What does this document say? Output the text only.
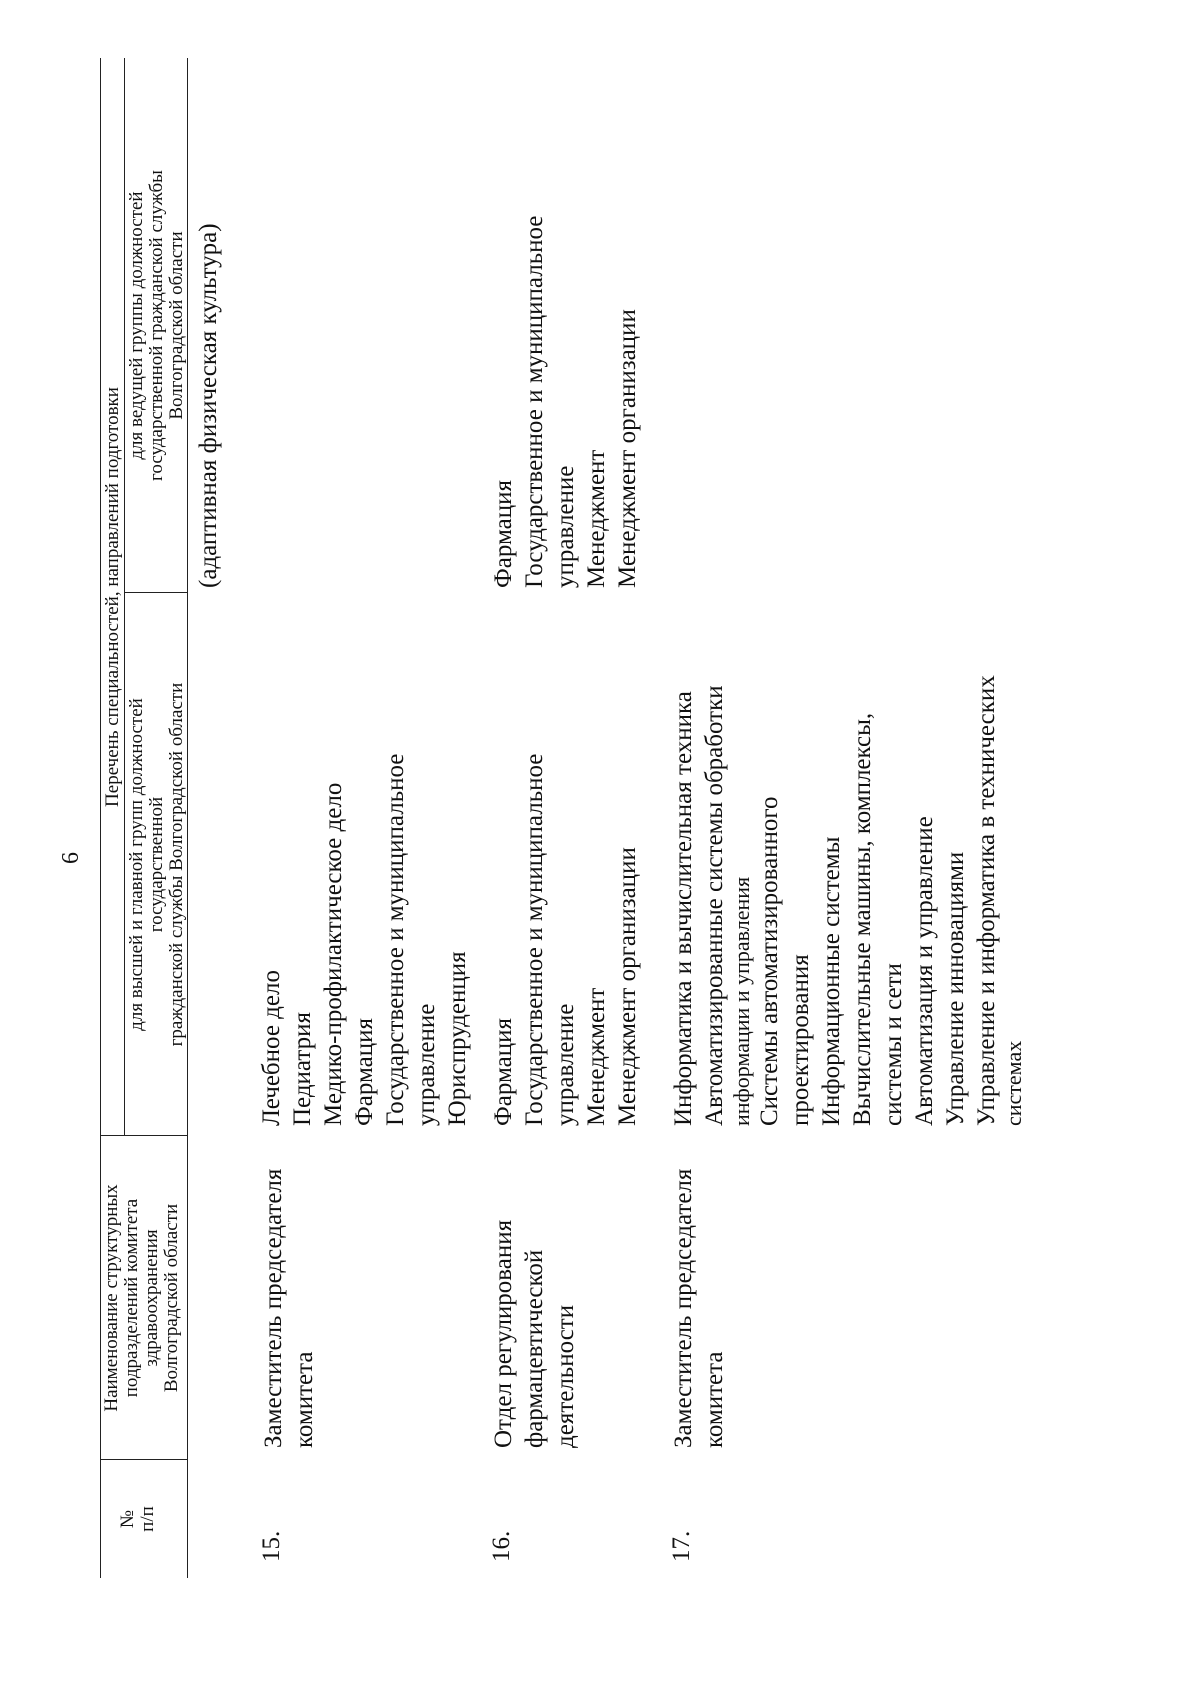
6
№ п/п
Наименование структурных подразделений комитета здравоохранения Волгоградской области
Перечень специальностей, направлений подготовки
для высшей и главной групп должностей государственной гражданской службы Волгоградской области
для ведущей группы должностей государственной гражданской службы Волгоградской области (адаптивная физическая культура)
15.
Заместитель председателя комитета
Лечебное дело Педиатрия Медико-профилактическое дело Фармация Государственное и муниципальное управление Юриспруденция
16.
Отдел регулирования фармацевтической деятельности
Фармация Государственное и муниципальное управление Менеджмент Менеджмент организации
Фармация Государственное и муниципальное управление Менеджмент Менеджмент организации
17.
Заместитель председателя комитета
Информатика и вычислительная техника Автоматизированные системы обработки информации и управления Системы автоматизированного проектирования Информационные системы Вычислительные машины, комплексы, системы и сети Автоматизация и управление Управление инновациями Управление и информатика в технических системах
